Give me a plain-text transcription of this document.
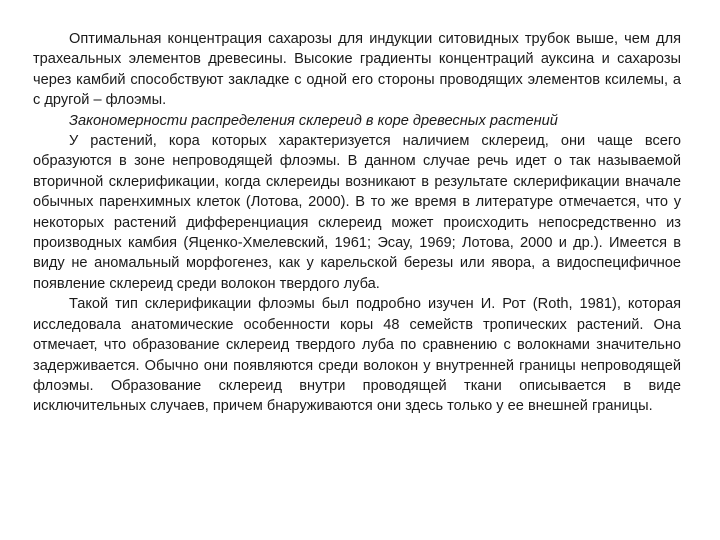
Оптимальная концентрация сахарозы для индукции ситовидных трубок выше, чем для трахеальных элементов древесины. Высокие градиенты концентраций ауксина и сахарозы через камбий способствуют закладке с одной его стороны проводящих элементов ксилемы, а с другой – флоэмы.

Закономерности распределения склереид в коре древесных растений

У растений, кора которых характеризуется наличием склереид, они чаще всего образуются в зоне непроводящей флоэмы. В данном случае речь идет о так называемой вторичной склерификации, когда склереиды возникают в результате склерификации вначале обычных паренхимных клеток (Лотова, 2000). В то же время в литературе отмечается, что у некоторых растений дифференциация склереид может происходить непосредственно из производных камбия (Яценко-Хмелевский, 1961; Эсау, 1969; Лотова, 2000 и др.). Имеется в виду не аномальный морфогенез, как у карельской березы или явора, а видоспецифичное появление склереид среди волокон твердого луба.

Такой тип склерификации флоэмы был подробно изучен И. Рот (Roth, 1981), которая исследовала анатомические особенности коры 48 семейств тропических растений. Она отмечает, что образование склереид твердого луба по сравнению с волокнами значительно задерживается. Обычно они появляются среди волокон у внутренней границы непроводящей флоэмы. Образование склереид внутри проводящей ткани описывается в виде исключительных случаев, причем бнаруживаются они здесь только у ее внешней границы.
